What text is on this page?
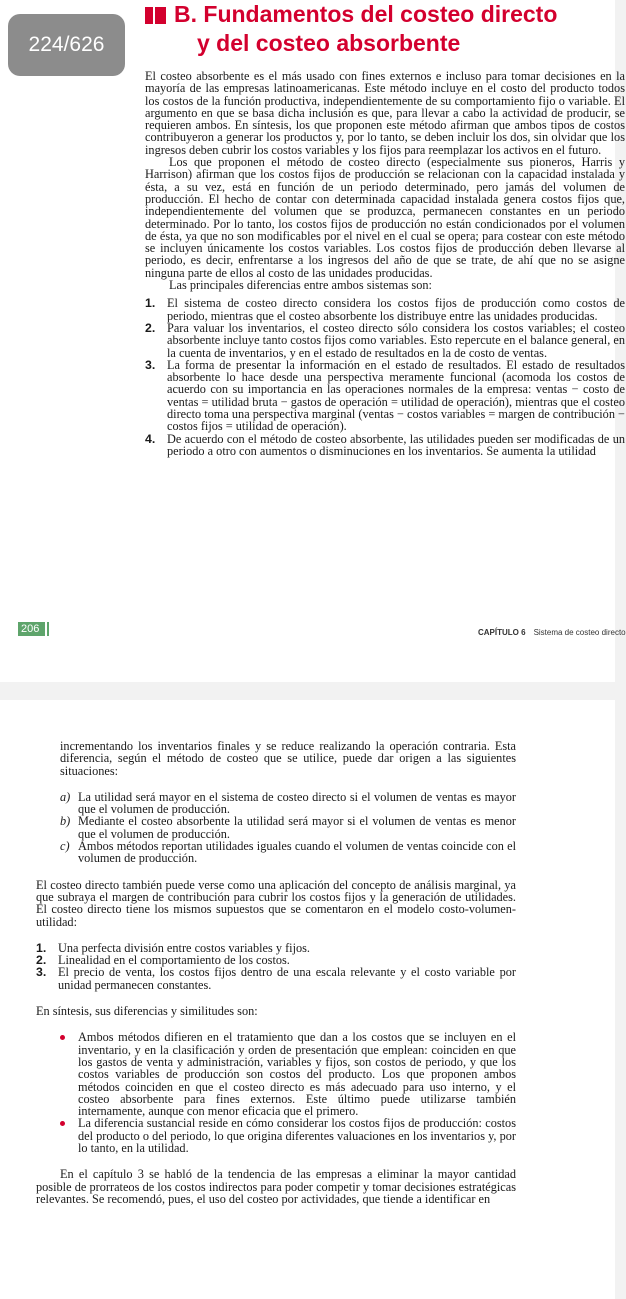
224/626
B. Fundamentos del costeo directo
y del costeo absorbente

El costeo absorbente es el más usado con fines externos e incluso para tomar decisiones en la mayoría de las empresas latinoamericanas. Este método incluye en el costo del producto todos los costos de la función productiva, independientemente de su comportamiento fijo o variable. El argumento en que se basa dicha inclusión es que, para llevar a cabo la actividad de producir, se requieren ambos. En síntesis, los que proponen este método afirman que ambos tipos de costos contribuyeron a generar los productos y, por lo tanto, se deben incluir los dos, sin olvidar que los ingresos deben cubrir los costos variables y los fijos para reemplazar los activos en el futuro.

Los que proponen el método de costeo directo (especialmente sus pioneros, Harris y Harrison) afirman que los costos fijos de producción se relacionan con la capacidad instalada y ésta, a su vez, está en función de un periodo determinado, pero jamás del volumen de producción. El hecho de contar con determinada capacidad instalada genera costos fijos que, independientemente del volumen que se produzca, permanecen constantes en un periodo determinado. Por lo tanto, los costos fijos de producción no están condicionados por el volumen de ésta, ya que no son modificables por el nivel en el cual se opera; para costear con este método se incluyen únicamente los costos variables. Los costos fijos de producción deben llevarse al periodo, es decir, enfrentarse a los ingresos del año de que se trate, de ahí que no se asigne ninguna parte de ellos al costo de las unidades producidas.

Las principales diferencias entre ambos sistemas son:

1. El sistema de costeo directo considera los costos fijos de producción como costos de periodo, mientras que el costeo absorbente los distribuye entre las unidades producidas.
2. Para valuar los inventarios, el costeo directo sólo considera los costos variables; el costeo absorbente incluye tanto costos fijos como variables. Esto repercute en el balance general, en la cuenta de inventarios, y en el estado de resultados en la de costo de ventas.
3. La forma de presentar la información en el estado de resultados. El estado de resultados absorbente lo hace desde una perspectiva meramente funcional (acomoda los costos de acuerdo con su importancia en las operaciones normales de la empresa: ventas − costo de ventas = utilidad bruta − gastos de operación = utilidad de operación), mientras que el costeo directo toma una perspectiva marginal (ventas − costos variables = margen de contribución − costos fijos = utilidad de operación).
4. De acuerdo con el método de costeo absorbente, las utilidades pueden ser modificadas de un periodo a otro con aumentos o disminuciones en los inventarios. Se aumenta la utilidad
206	CAPÍTULO 6 Sistema de costeo directo

incrementando los inventarios finales y se reduce realizando la operación contraria. Esta diferencia, según el método de costeo que se utilice, puede dar origen a las siguientes situaciones:

a) La utilidad será mayor en el sistema de costeo directo si el volumen de ventas es mayor que el volumen de producción.
b) Mediante el costeo absorbente la utilidad será mayor si el volumen de ventas es menor que el volumen de producción.
c) Ambos métodos reportan utilidades iguales cuando el volumen de ventas coincide con el volumen de producción.

El costeo directo también puede verse como una aplicación del concepto de análisis marginal, ya que subraya el margen de contribución para cubrir los costos fijos y la generación de utilidades. El costeo directo tiene los mismos supuestos que se comentaron en el modelo costo-volumen-utilidad:

1. Una perfecta división entre costos variables y fijos.
2. Linealidad en el comportamiento de los costos.
3. El precio de venta, los costos fijos dentro de una escala relevante y el costo variable por unidad permanecen constantes.

En síntesis, sus diferencias y similitudes son:

Ambos métodos difieren en el tratamiento que dan a los costos que se incluyen en el inventario, y en la clasificación y orden de presentación que emplean: coinciden en que los gastos de venta y administración, variables y fijos, son costos de periodo, y que los costos variables de producción son costos del producto. Los que proponen ambos métodos coinciden en que el costeo directo es más adecuado para uso interno, y el costeo absorbente para fines externos. Este último puede utilizarse también internamente, aunque con menor eficacia que el primero.
La diferencia sustancial reside en cómo considerar los costos fijos de producción: costos del producto o del periodo, lo que origina diferentes valuaciones en los inventarios y, por lo tanto, en la utilidad.

En el capítulo 3 se habló de la tendencia de las empresas a eliminar la mayor cantidad posible de prorrateos de los costos indirectos para poder competir y tomar decisiones estratégicas relevantes. Se recomendó, pues, el uso del costeo por actividades, que tiende a identificar en
